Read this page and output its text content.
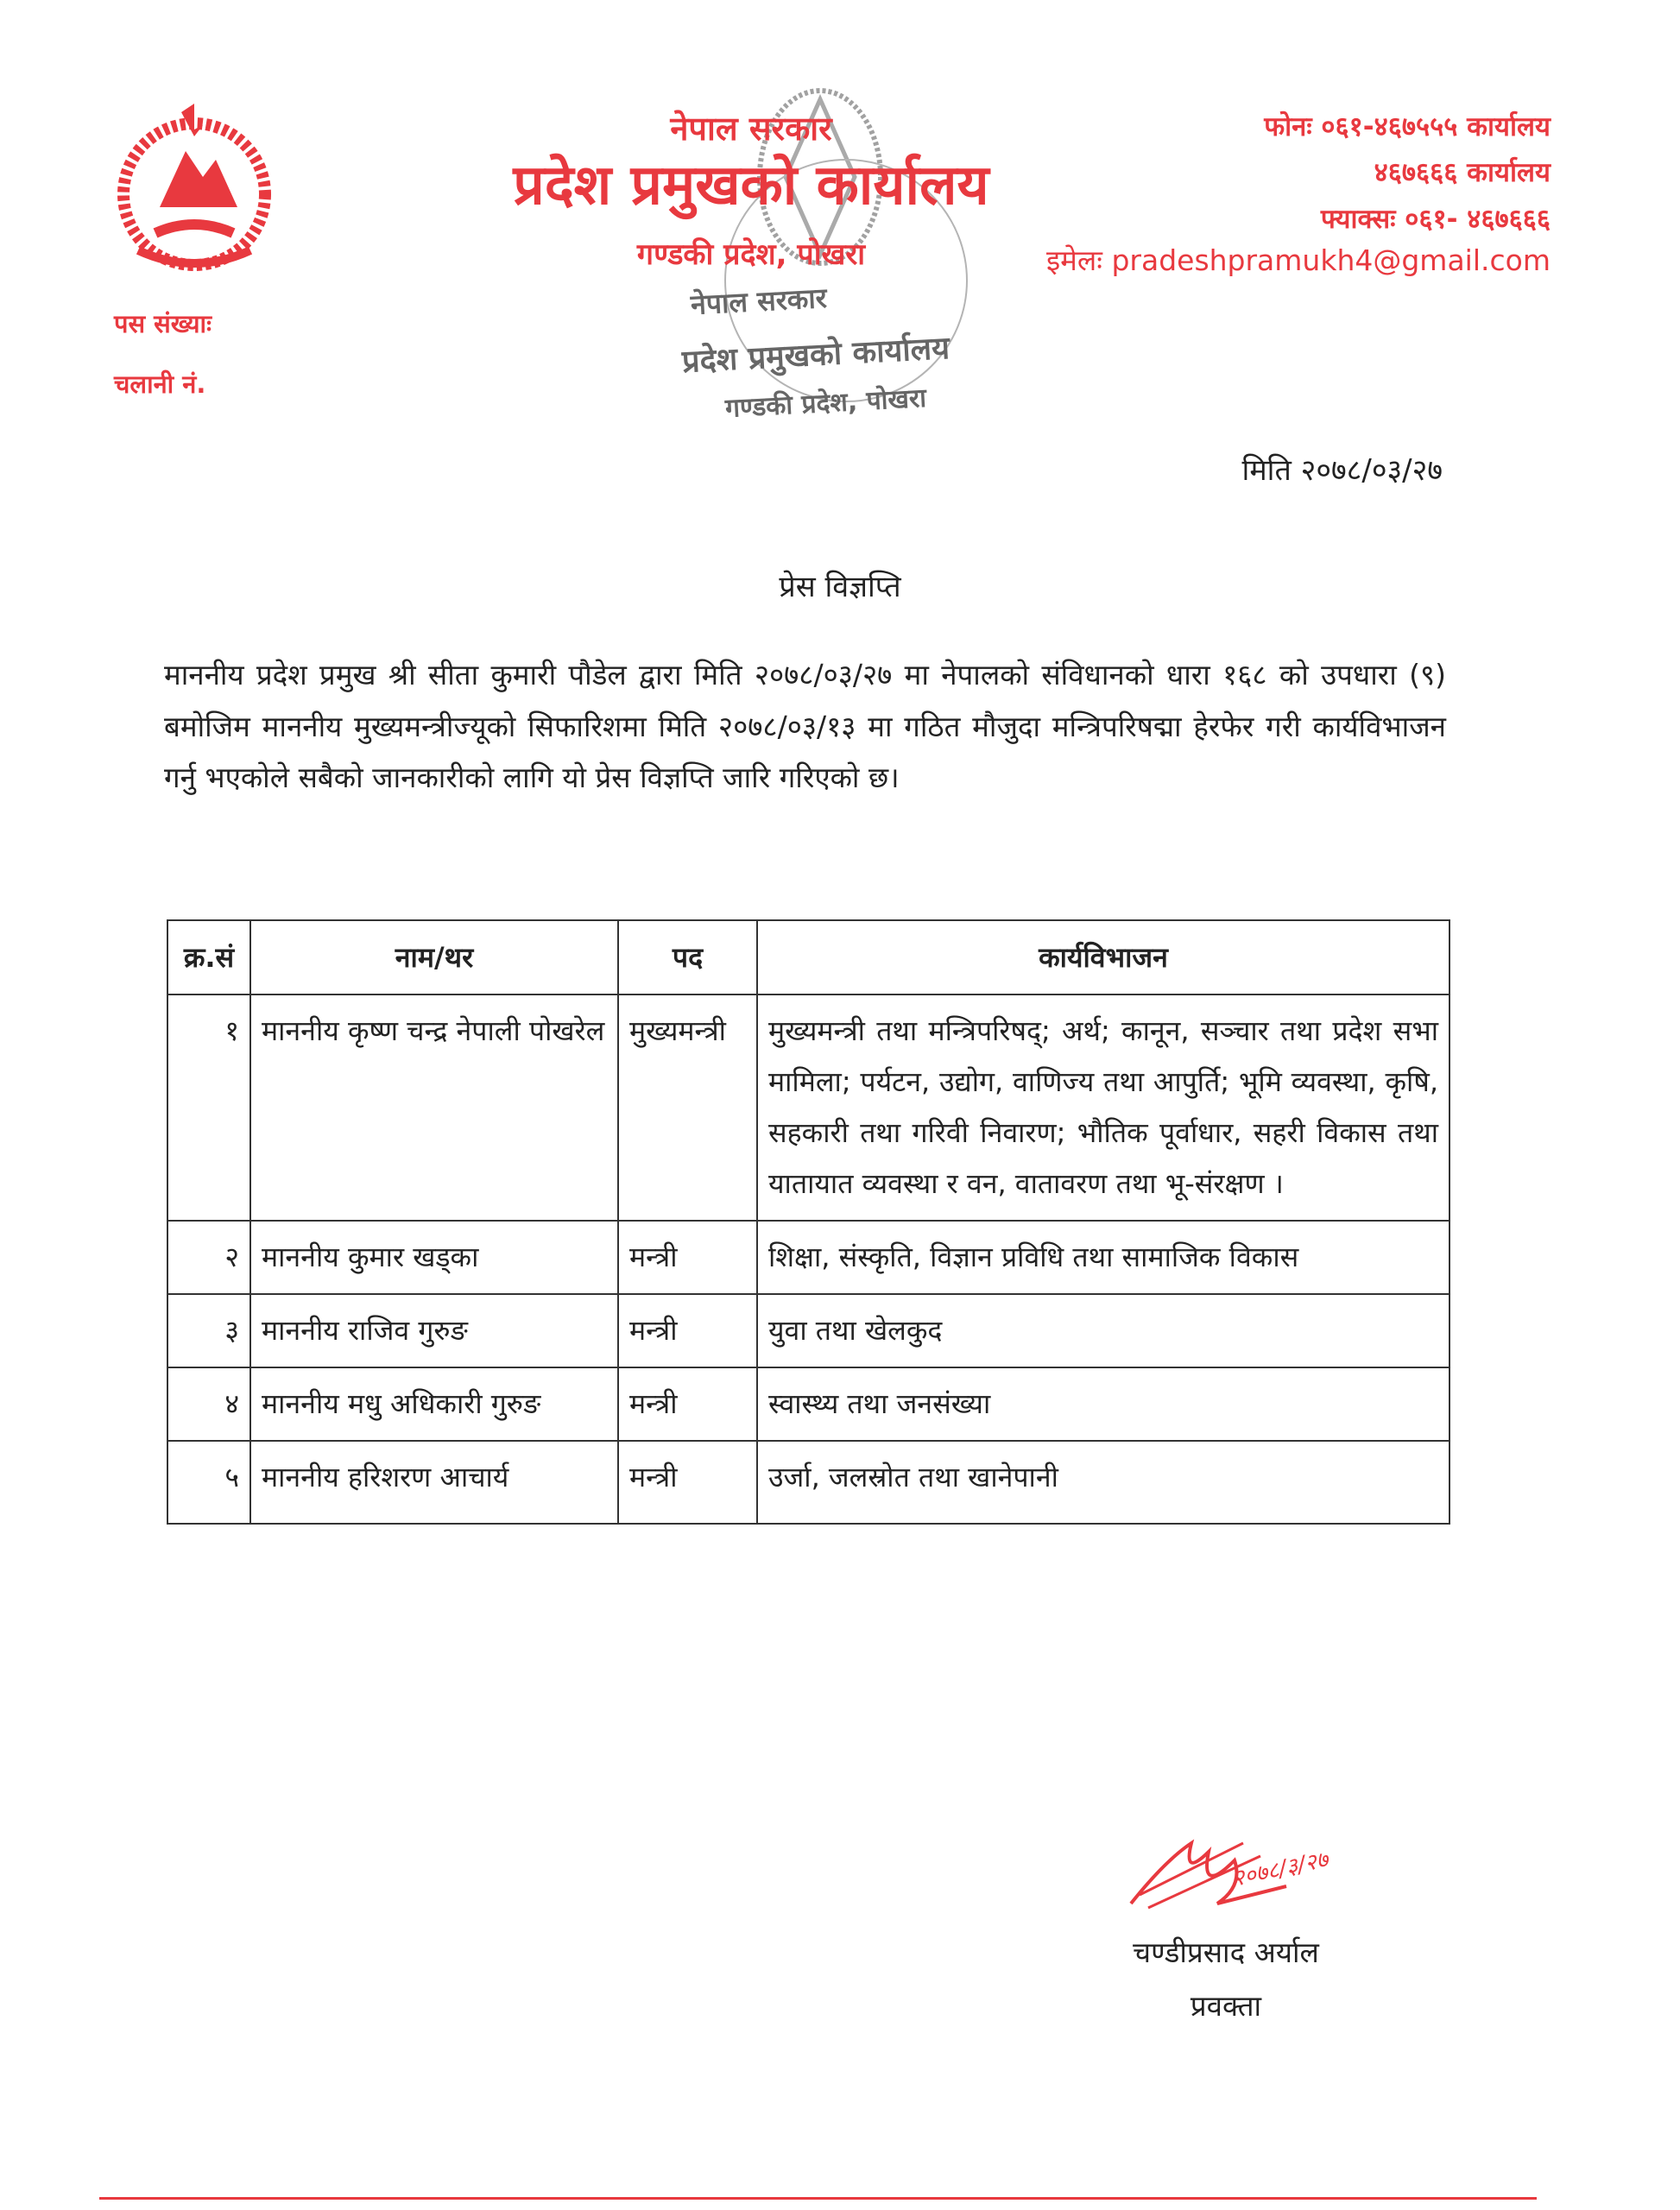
नेपाल सरकार
प्रदेश प्रमुखको कार्यालय
गण्डकी प्रदेश, पोखरा
नेपाल सरकार
प्रदेश प्रमुखको कार्यालय
गण्डकी प्रदेश, पोखरा
फोनः ०६१-४६७५५५ कार्यालय
४६७६६६ कार्यालय
फ्याक्सः ०६१- ४६७६६६
इमेलः pradeshpramukh4@gmail.com
पस संख्याः
चलानी नं.
मिति २०७८/०३/२७
प्रेस विज्ञप्ति
माननीय प्रदेश प्रमुख श्री सीता कुमारी पौडेल द्वारा मिति २०७८/०३/२७ मा नेपालको संविधानको धारा १६८ को उपधारा (९) बमोजिम माननीय मुख्यमन्त्रीज्यूको सिफारिशमा मिति २०७८/०३/१३ मा गठित मौजुदा मन्त्रिपरिषद्मा हेरफेर गरी कार्यविभाजन गर्नु भएकोले सबैको जानकारीको लागि यो प्रेस विज्ञप्ति जारि गरिएको छ।
क्र.सं	नाम/थर	पद	कार्यविभाजन
१	माननीय कृष्ण चन्द्र नेपाली पोखरेल	मुख्यमन्त्री	मुख्यमन्त्री तथा मन्त्रिपरिषद्; अर्थ; कानून, सञ्चार तथा प्रदेश सभा मामिला; पर्यटन, उद्योग, वाणिज्य तथा आपुर्ति; भूमि व्यवस्था, कृषि, सहकारी तथा गरिवी निवारण; भौतिक पूर्वाधार, सहरी विकास तथा यातायात व्यवस्था र वन, वातावरण तथा भू-संरक्षण ।
२	माननीय कुमार खड्का	मन्त्री	शिक्षा, संस्कृति, विज्ञान प्रविधि तथा सामाजिक विकास
३	माननीय राजिव गुरुङ	मन्त्री	युवा तथा खेलकुद
४	माननीय मधु अधिकारी गुरुङ	मन्त्री	स्वास्थ्य तथा जनसंख्या
५	माननीय हरिशरण आचार्य	मन्त्री	उर्जा, जलस्रोत तथा खानेपानी
२०७८/३/२७
चण्डीप्रसाद अर्याल
प्रवक्ता
